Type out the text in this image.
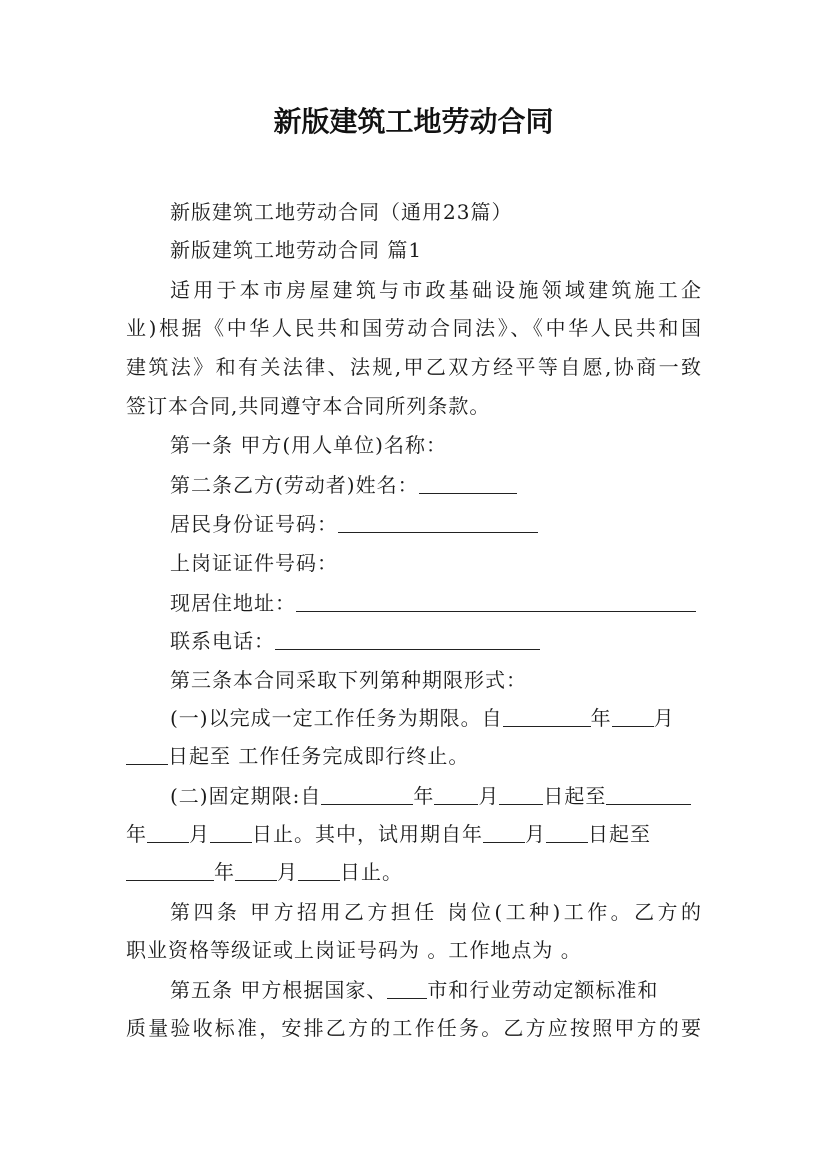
新版建筑工地劳动合同
新版建筑工地劳动合同（通用23篇）
新版建筑工地劳动合同 篇1
适用于本市房屋建筑与市政基础设施领域建筑施工企
业)根据《中华人民共和国劳动合同法》、《中华人民共和国
建筑法》和有关法律、法规,甲乙双方经平等自愿,协商一致
签订本合同,共同遵守本合同所列条款。
第一条 甲方(用人单位)名称：
第二条乙方(劳动者)姓名：
居民身份证号码：
上岗证证件号码：
现居住地址：
联系电话：
第三条本合同采取下列第种期限形式：
(一)以完成一定工作任务为期限。自	年 月
日起至 工作任务完成即行终止。
(二)固定期限:自	年 月 日起至
年 月 日止。其中，试用期自年 月 日起至
年 月 日止。
第四条 甲方招用乙方担任 岗位(工种)工作。乙方的
职业资格等级证或上岗证号码为 。工作地点为 。
第五条 甲方根据国家、 市和行业劳动定额标准和
质量验收标准，安排乙方的工作任务。乙方应按照甲方的要
